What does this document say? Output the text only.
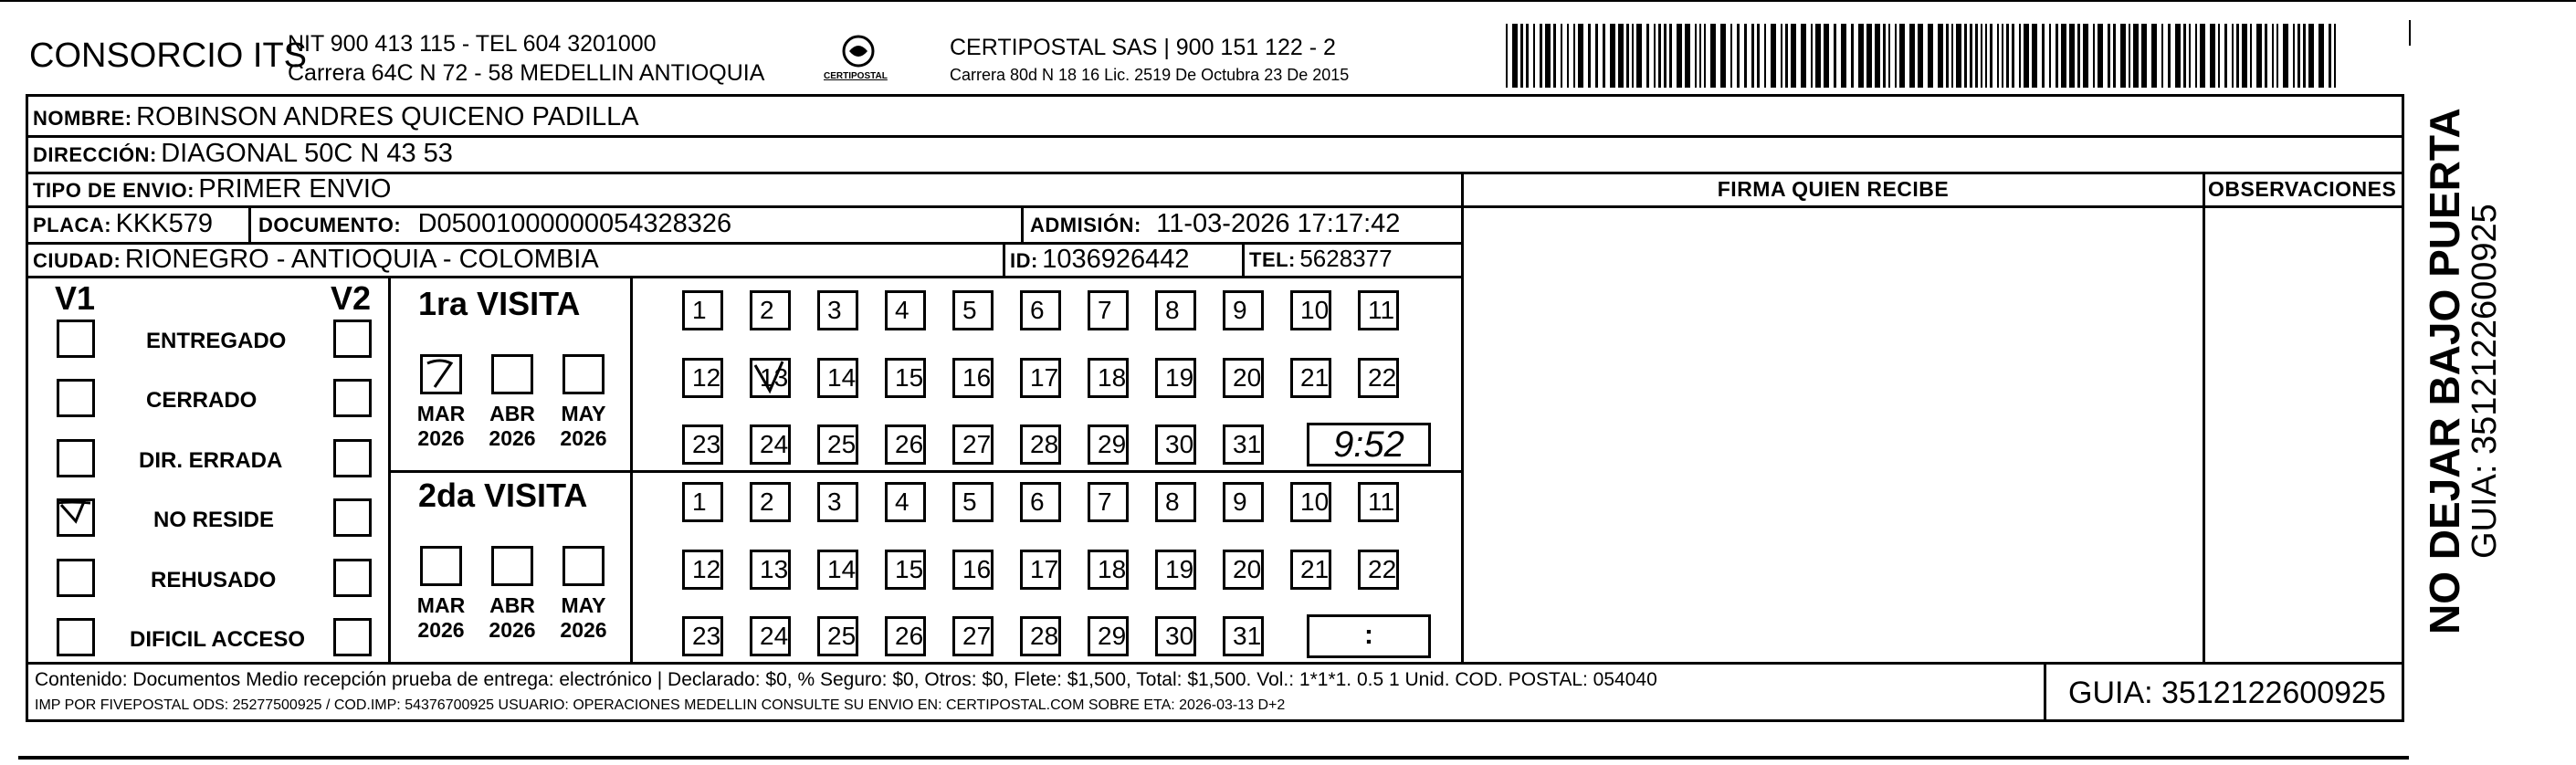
CONSORCIO ITS
NIT 900 413 115 - TEL 604 3201000
Carrera 64C N 72 - 58 MEDELLIN ANTIOQUIA	CERTIPOSTAL
CERTIPOSTAL SAS | 900 151 122 - 2
Carrera 80d N 18 16 Lic. 2519 De Octubra 23 De 2015
NOMBRE: ROBINSON ANDRES QUICENO PADILLA
DIRECCIÓN: DIAGONAL 50C N 43 53
TIPO DE ENVIO: PRIMER ENVIO
PLACA: KKK579 DOCUMENTO: D05001000000054328326	ADMISIÓN: 11-03-2026 17:17:42
CIUDAD: RIONEGRO - ANTIOQUIA - COLOMBIA	ID: 1036926442	TEL: 5628377
FIRMA QUIEN RECIBE	OBSERVACIONES
V1	V2
ENTREGADO
CERRADO
DIR. ERRADA
NO RESIDE
REHUSADO
DIFICIL ACCESO
1ra VISITA
MAR
2026
ABR
2026
MAY
2026
1	2	3	4	5	6	7	8	9	10	11
12	13	14	15	16	17	18	19	20	21	22
23	24	25	26	27	28	29	30	31	9:52
2da VISITA
MAR
2026
ABR
2026
MAY
2026
1	2	3	4	5	6	7	8	9	10	11
12	13	14	15	16	17	18	19	20	21	22
23	24	25	26	27	28	29	30	31	:
Contenido: Documentos Medio recepción prueba de entrega: electrónico | Declarado: $0, % Seguro: $0, Otros: $0, Flete: $1,500, Total: $1,500. Vol.: 1*1*1. 0.5 1 Unid. COD. POSTAL: 054040
IMP POR FIVEPOSTAL ODS: 25277500925 / COD.IMP: 54376700925 USUARIO: OPERACIONES MEDELLIN CONSULTE SU ENVIO EN: CERTIPOSTAL.COM SOBRE ETA: 2026-03-13 D+2	GUIA: 3512122600925
NO DEJAR BAJO PUERTA
GUIA: 3512122600925
